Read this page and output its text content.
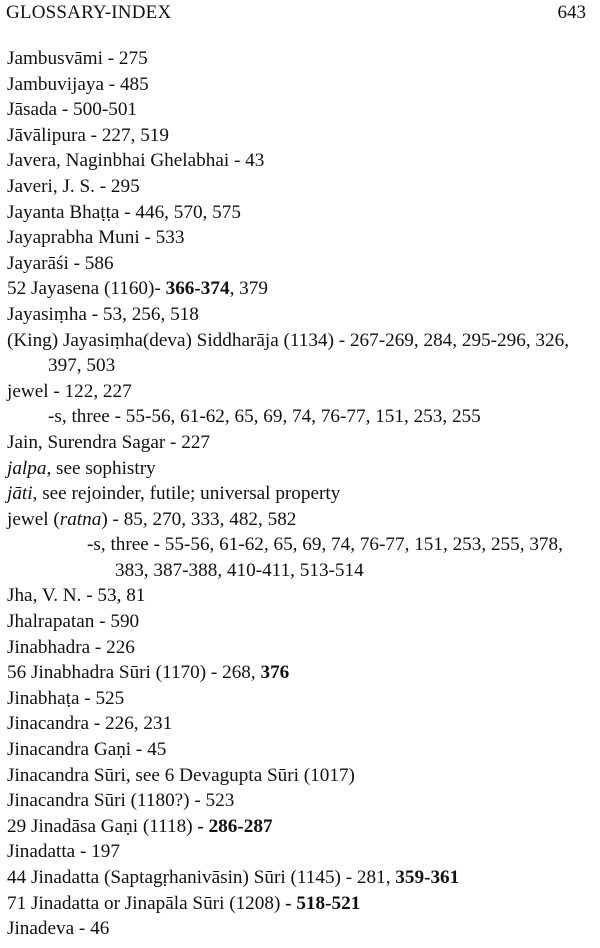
GLOSSARY-INDEX	643
Jambusvāmi - 275
Jambuvijaya - 485
Jāsada - 500-501
Jāvālipura - 227, 519
Javera, Naginbhai Ghelabhai - 43
Javeri, J. S. - 295
Jayanta Bhaṭṭa - 446, 570, 575
Jayaprabha Muni - 533
Jayarāśi - 586
52 Jayasena (1160)- 366-374, 379
Jayasiṃha - 53, 256, 518
(King) Jayasiṃha(deva) Siddharāja (1134) - 267-269, 284, 295-296, 326, 397, 503
jewel - 122, 227
-s, three - 55-56, 61-62, 65, 69, 74, 76-77, 151, 253, 255
Jain, Surendra Sagar - 227
jalpa, see sophistry
jāti, see rejoinder, futile; universal property
jewel (ratna) - 85, 270, 333, 482, 582
-s, three - 55-56, 61-62, 65, 69, 74, 76-77, 151, 253, 255, 378, 383, 387-388, 410-411, 513-514
Jha, V. N. - 53, 81
Jhalrapatan - 590
Jinabhadra - 226
56 Jinabhadra Sūri (1170) - 268, 376
Jinabhaṭa - 525
Jinacandra - 226, 231
Jinacandra Gaṇi - 45
Jinacandra Sūri, see 6 Devagupta Sūri (1017)
Jinacandra Sūri (1180?) - 523
29 Jinadāsa Gaṇi (1118) - 286-287
Jinadatta - 197
44 Jinadatta (Saptagṛhanivāsin) Sūri (1145) - 281, 359-361
71 Jinadatta or Jinapāla Sūri (1208) - 518-521
Jinadeva - 46
